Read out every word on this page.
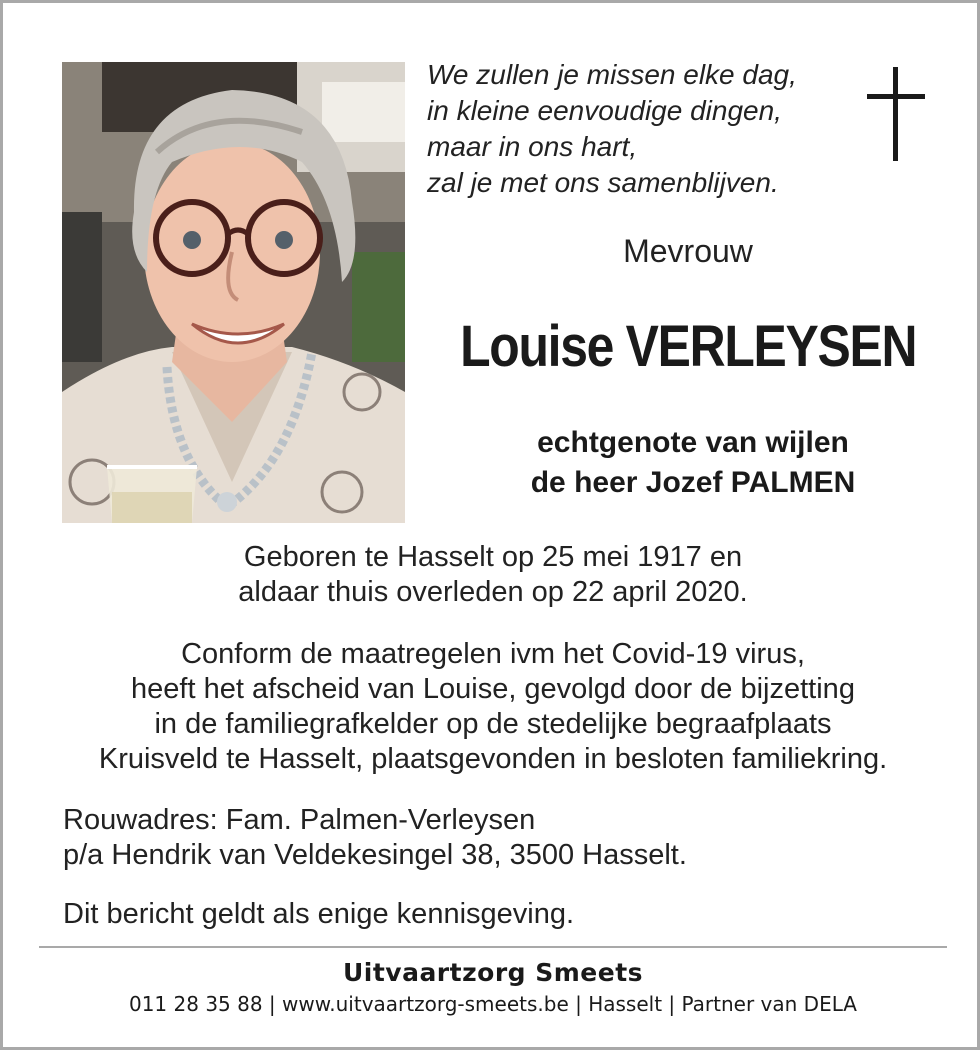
We zullen je missen elke dag,
in kleine eenvoudige dingen,
maar in ons hart,
zal je met ons samenblijven.
Mevrouw
Louise VERLEYSEN
echtgenote van wijlen
de heer Jozef PALMEN
Geboren te Hasselt op 25 mei 1917 en
aldaar thuis overleden op 22 april 2020.
Conform de maatregelen ivm het Covid-19 virus,
heeft het afscheid van Louise, gevolgd door de bijzetting
in de familiegrafkelder op de stedelijke begraafplaats
Kruisveld te Hasselt, plaatsgevonden in besloten familiekring.
Rouwadres: Fam. Palmen-Verleysen
p/a Hendrik van Veldekesingel 38, 3500 Hasselt.
Dit bericht geldt als enige kennisgeving.
Uitvaartzorg Smeets
011 28 35 88 | www.uitvaartzorg-smeets.be | Hasselt | Partner van DELA
